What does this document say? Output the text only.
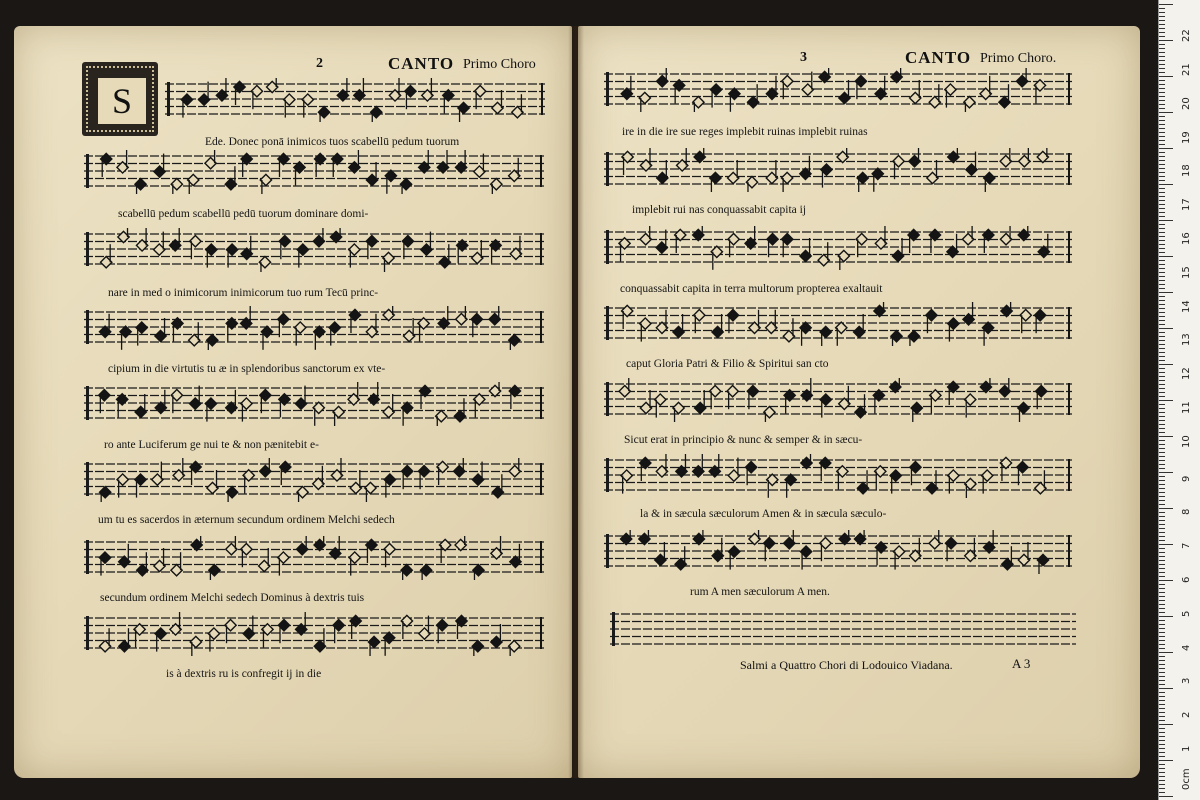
2	CANTO Primo Choro
S
3	CANTO Primo Choro.
Ede. Donec ponā inimicos tuos scabellū pedum tuorum
scabellū pedum scabellū pedū tuorum dominare domi-
nare in med o inimicorum inimicorum tuo rum Tecū princ-
cipium in die virtutis tu æ in splendoribus sanctorum ex vte-
ro ante Luciferum ge nui te & non pænitebit e-
um tu es sacerdos in æternum secundum ordinem Melchi sedech
secundum ordinem Melchi sedech Dominus à dextris tuis
is à dextris ru is confregit ij in die
ire in die ire sue reges implebit ruinas implebit ruinas
implebit rui nas conquassabit capita ij
conquassabit capita in terra multorum propterea exaltauit
caput Gloria Patri & Filio & Spiritui san cto
Sicut erat in principio & nunc & semper & in sæcu-
la & in sæcula sæculorum Amen & in sæcula sæculo-
rum A men sæculorum A men.
Salmi a Quattro Chori di Lodouico Viadana.	A 3
1
2
3
4
5
6
7
8
9
10
11
12
13
14
15
16
17
18
19
20
21
22
0cm
